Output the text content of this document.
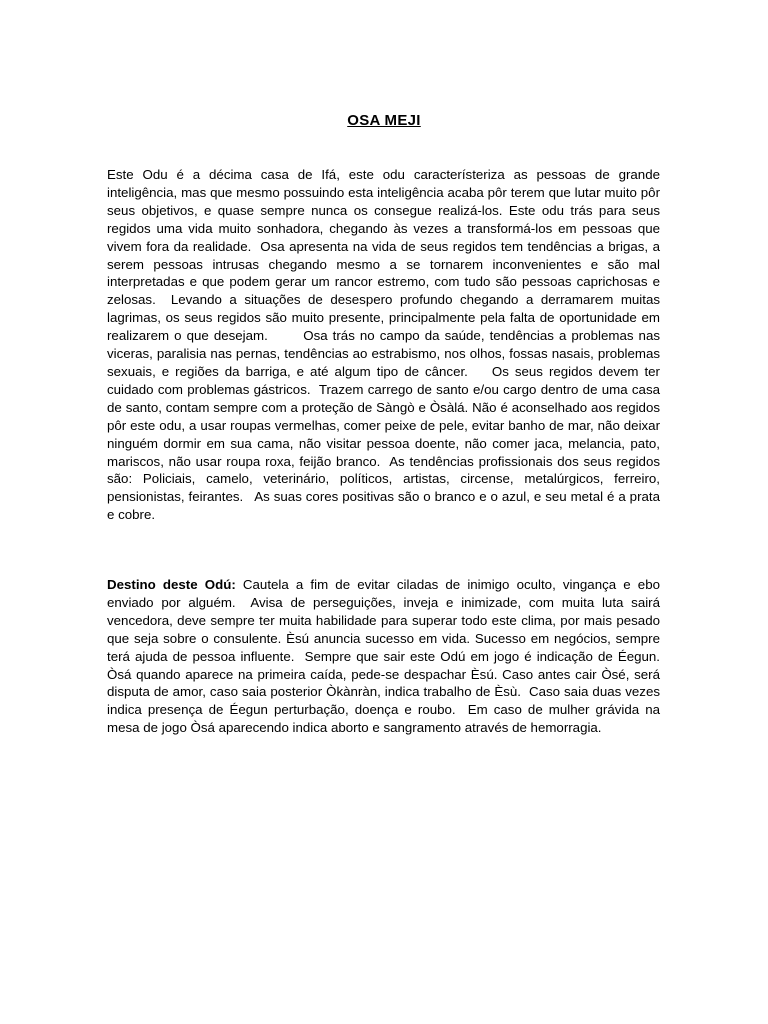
OSA MEJI

Este Odu é a décima casa de Ifá, este odu característeriza as pessoas de grande inteligência, mas que mesmo possuindo esta inteligência acaba pôr terem que lutar muito pôr seus objetivos, e quase sempre nunca os consegue realizá-los. Este odu trás para seus regidos uma vida muito sonhadora, chegando às vezes a transformá-los em pessoas que vivem fora da realidade.  Osa apresenta na vida de seus regidos tem tendências a brigas, a serem pessoas intrusas chegando mesmo a se tornarem inconvenientes e são mal interpretadas e que podem gerar um rancor estremo, com tudo são pessoas caprichosas e zelosas.  Levando a situações de desespero profundo chegando a derramarem muitas lagrimas, os seus regidos são muito presente, principalmente pela falta de oportunidade em realizarem o que desejam.       Osa trás no campo da saúde, tendências a problemas nas viceras, paralisia nas pernas, tendências ao estrabismo, nos olhos, fossas nasais, problemas sexuais, e regiões da barriga, e até algum tipo de câncer.    Os seus regidos devem ter cuidado com problemas gástricos.  Trazem carrego de santo e/ou cargo dentro de uma casa de santo, contam sempre com a proteção de Sàngò e Òsàlá. Não é aconselhado aos regidos pôr este odu, a usar roupas vermelhas, comer peixe de pele, evitar banho de mar, não deixar ninguém dormir em sua cama, não visitar pessoa doente, não comer jaca, melancia, pato, mariscos, não usar roupa roxa, feijão branco.  As tendências profissionais dos seus regidos são: Policiais, camelo, veterinário, políticos, artistas, circense, metalúrgicos, ferreiro, pensionistas, feirantes.   As suas cores positivas são o branco e o azul, e seu metal é a prata e cobre.

Destino deste Odú: Cautela a fim de evitar ciladas de inimigo oculto, vingança e ebo enviado por alguém.  Avisa de perseguições, inveja e inimizade, com muita luta sairá vencedora, deve sempre ter muita habilidade para superar todo este clima, por mais pesado que seja sobre o consulente. Èsú anuncia sucesso em vida. Sucesso em negócios, sempre terá ajuda de pessoa influente.  Sempre que sair este Odú em jogo é indicação de Éegun.  Òsá quando aparece na primeira caída, pede-se despachar Èsú. Caso antes cair Òsé, será disputa de amor, caso saia posterior Òkànràn, indica trabalho de Èsù.  Caso saia duas vezes indica presença de Éegun perturbação, doença e roubo.  Em caso de mulher grávida na mesa de jogo Òsá aparecendo indica aborto e sangramento através de hemorragia.
